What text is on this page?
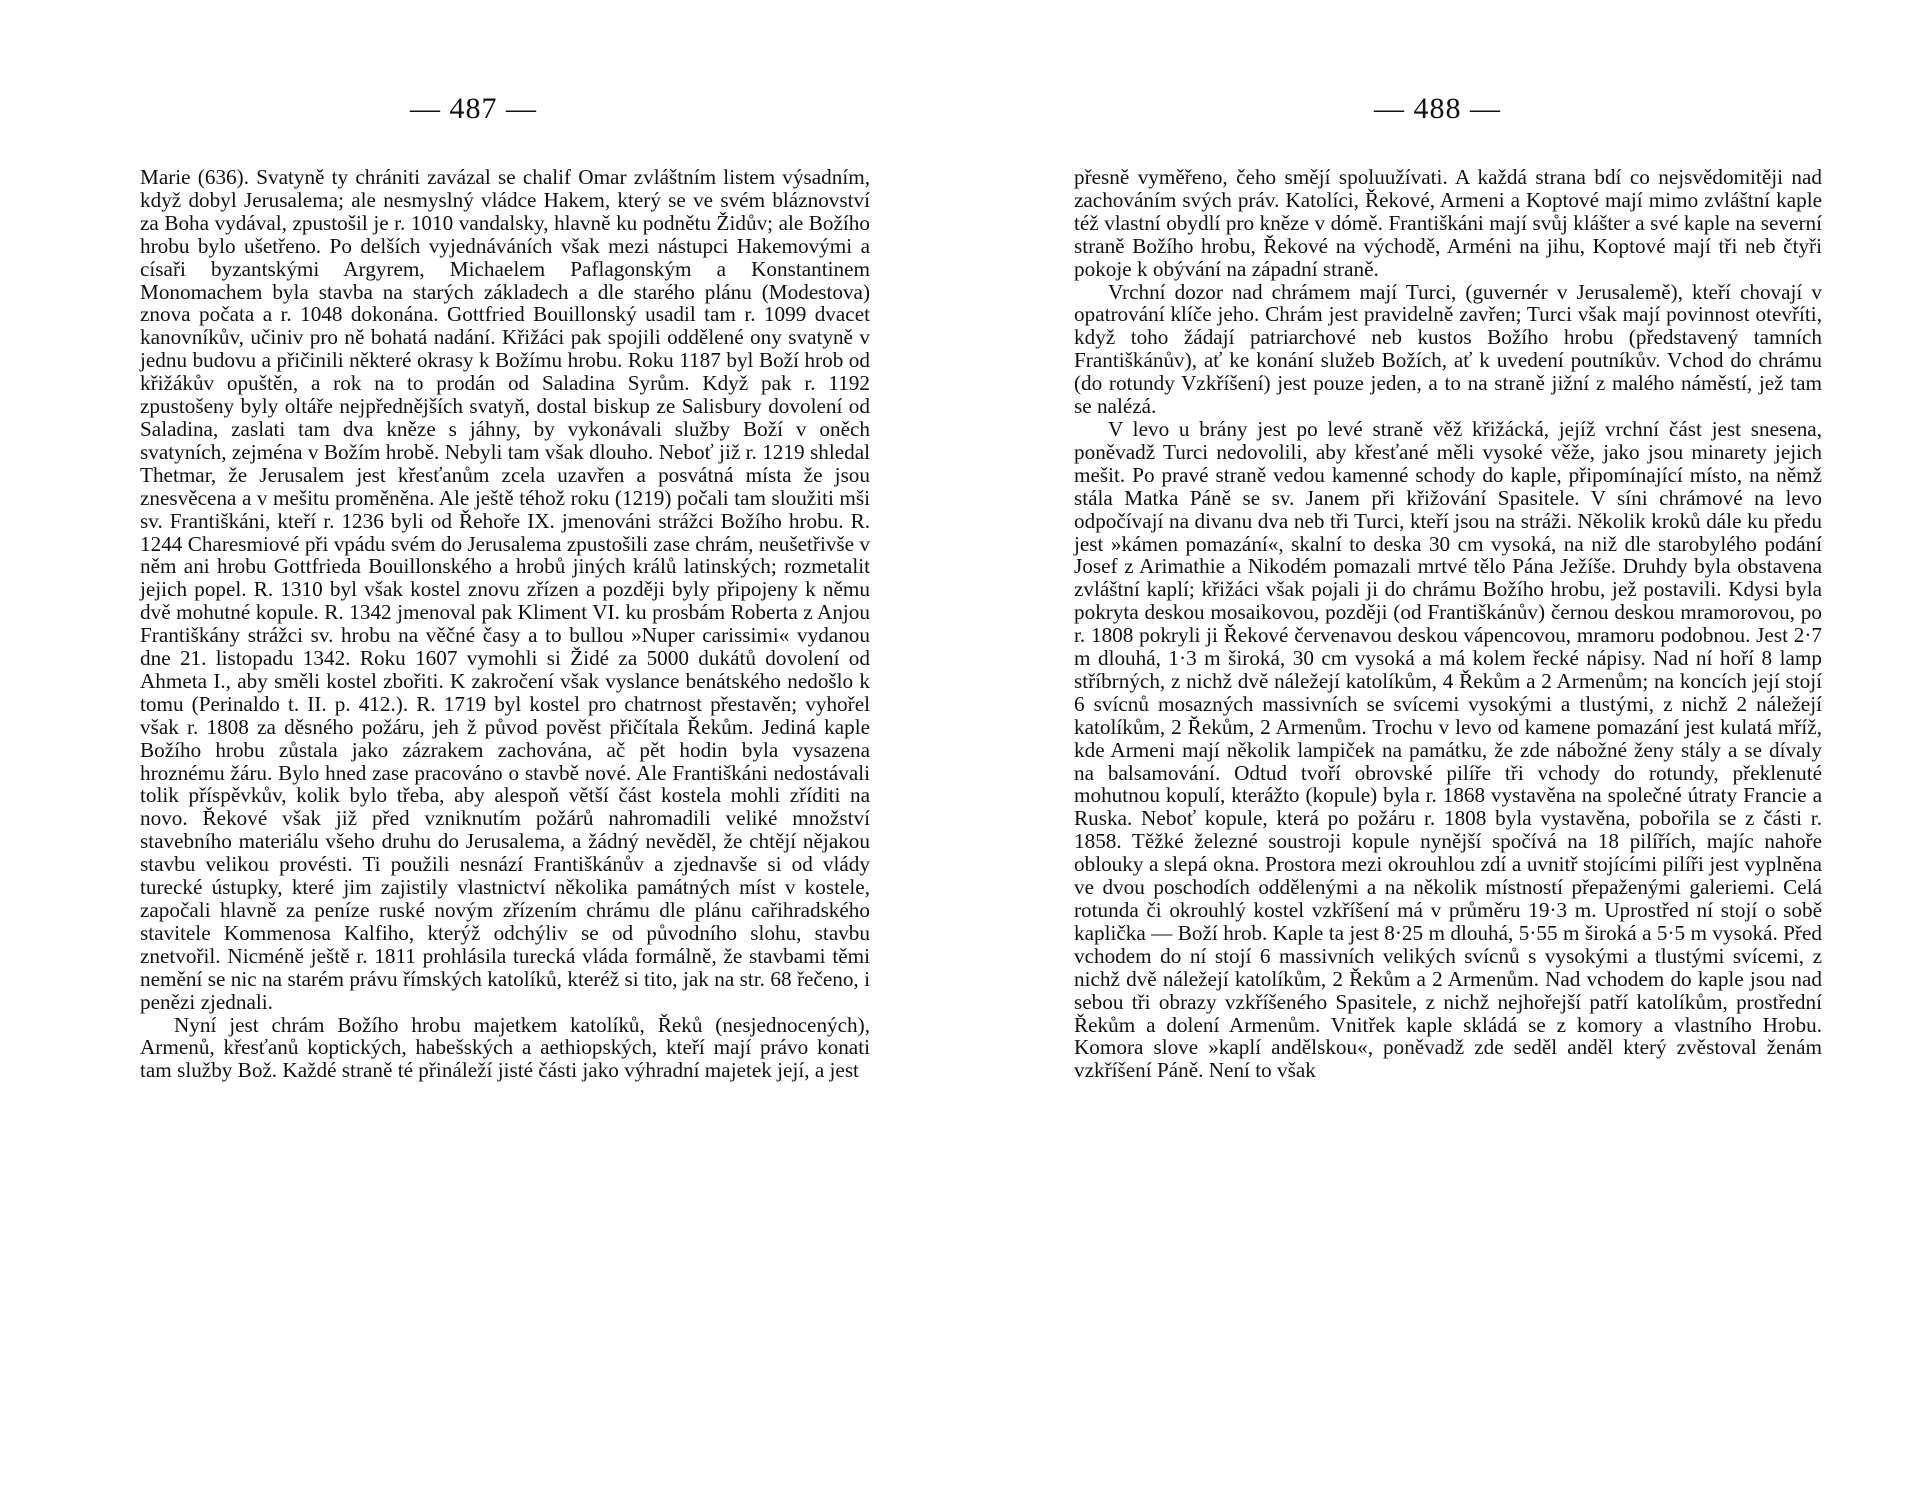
— 487 —

Marie (636). Svatyně ty chrániti zavázal se chalif Omar zvláštním listem výsadním, když dobyl Jerusalema; ale nesmyslný vládce Hakem, který se ve svém bláznovství za Boha vydával, zpustošil je r. 1010 vandalsky, hlavně ku podnětu Židův; ale Božího hrobu bylo ušetřeno. Po delších vyjednáváních však mezi nástupci Hakemovými a císaři byzantskými Argyrem, Michaelem Paflagonským a Konstantinem Monomachem byla stavba na starých základech a dle starého plánu (Modestova) znova počata a r. 1048 dokonána. Gottfried Bouillonský usadil tam r. 1099 dvacet kanovníkův, učiniv pro ně bohatá nadání. Křižáci pak spojili oddělené ony svatyně v jednu budovu a přičinili některé okrasy k Božímu hrobu. Roku 1187 byl Boží hrob od křižákův opuštěn, a rok na to prodán od Saladina Syrům. Když pak r. 1192 zpustošeny byly oltáře nejpřednějších svatyň, dostal biskup ze Salisbury dovolení od Saladina, zaslati tam dva kněze s jáhny, by vykonávali služby Boží v oněch svatyních, zejména v Božím hrobě. Nebyli tam však dlouho. Neboť již r. 1219 shledal Thetmar, že Jerusalem jest křesťanům zcela uzavřen a posvátná místa že jsou znesvěcena a v mešitu proměněna. Ale ještě téhož roku (1219) počali tam sloužiti mši sv. Františkáni, kteří r. 1236 byli od Řehoře IX. jmenováni strážci Božího hrobu. R. 1244 Charesmiové při vpádu svém do Jerusalema zpustošili zase chrám, neušetřivše v něm ani hrobu Gottfrieda Bouillonského a hrobů jiných králů latinských; rozmetalit jejich popel. R. 1310 byl však kostel znovu zřízen a později byly připojeny k němu dvě mohutné kopule. R. 1342 jmenoval pak Kliment VI. ku prosbám Roberta z Anjou Františkány strážci sv. hrobu na věčné časy a to bullou »Nuper carissimi« vydanou dne 21. listopadu 1342. Roku 1607 vymohli si Židé za 5000 dukátů dovolení od Ahmeta I., aby směli kostel zbořiti. K zakročení však vyslance benátského nedošlo k tomu (Perinaldo t. II. p. 412.). R. 1719 byl kostel pro chatrnost přestavěn; vyhořel však r. 1808 za děsného požáru, jeh ž původ pověst přičítala Řekům. Jediná kaple Božího hrobu zůstala jako zázrakem zachována, ač pět hodin byla vysazena hroznému žáru. Bylo hned zase pracováno o stavbě nové. Ale Františkáni nedostávali tolik příspěvkův, kolik bylo třeba, aby alespoň větší část kostela mohli zříditi na novo. Řekové však již před vzniknutím požárů nahromadili veliké množství stavebního materiálu všeho druhu do Jerusalema, a žádný nevěděl, že chtějí nějakou stavbu velikou provésti. Ti použili nesnází Františkánův a zjednavše si od vlády turecké ústupky, které jim zajistily vlastnictví několika památných míst v kostele, započali hlavně za peníze ruské novým zřízením chrámu dle plánu cařihradského stavitele Kommenosa Kalfiho, kterýž odchýliv se od původního slohu, stavbu znetvořil. Nicméně ještě r. 1811 prohlásila turecká vláda formálně, že stavbami těmi nemění se nic na starém právu římských katolíků, kteréž si tito, jak na str. 68 řečeno, i penězi zjednali.

Nyní jest chrám Božího hrobu majetkem katolíků, Řeků (nesjednocených), Armenů, křesťanů koptických, habešských a aethiopských, kteří mají právo konati tam služby Bož. Každé straně té přináleží jisté části jako výhradní majetek její, a jest

— 488 —

přesně vyměřeno, čeho smějí spoluužívati. A každá strana bdí co nejsvědomitěji nad zachováním svých práv. Katolíci, Řekové, Armeni a Koptové mají mimo zvláštní kaple též vlastní obydlí pro kněze v dómě. Františkáni mají svůj klášter a své kaple na severní straně Božího hrobu, Řekové na východě, Arméni na jihu, Koptové mají tři neb čtyři pokoje k obývání na západní straně.

Vrchní dozor nad chrámem mají Turci, (guvernér v Jerusalemě), kteří chovají v opatrování klíče jeho. Chrám jest pravidelně zavřen; Turci však mají povinnost otevříti, když toho žádají patriarchové neb kustos Božího hrobu (představený tamních Františkánův), ať ke konání služeb Božích, ať k uvedení poutníkův. Vchod do chrámu (do rotundy Vzkříšení) jest pouze jeden, a to na straně jižní z malého náměstí, jež tam se nalézá.

V levo u brány jest po levé straně věž křižácká, jejíž vrchní část jest snesena, poněvadž Turci nedovolili, aby křesťané měli vysoké věže, jako jsou minarety jejich mešit. Po pravé straně vedou kamenné schody do kaple, připomínající místo, na němž stála Matka Páně se sv. Janem při křižování Spasitele. V síni chrámové na levo odpočívají na divanu dva neb tři Turci, kteří jsou na stráži. Několik kroků dále ku předu jest »kámen pomazání«, skalní to deska 30 cm vysoká, na niž dle starobylého podání Josef z Arimathie a Nikodém pomazali mrtvé tělo Pána Ježíše. Druhdy byla obstavena zvláštní kaplí; křižáci však pojali ji do chrámu Božího hrobu, jež postavili. Kdysi byla pokryta deskou mosaikovou, později (od Františkánův) černou deskou mramorovou, po r. 1808 pokryli ji Řekové červenavou deskou vápencovou, mramoru podobnou. Jest 2·7 m dlouhá, 1·3 m široká, 30 cm vysoká a má kolem řecké nápisy. Nad ní hoří 8 lamp stříbrných, z nichž dvě náležejí katolíkům, 4 Řekům a 2 Armenům; na koncích její stojí 6 svícnů mosazných massivních se svícemi vysokými a tlustými, z nichž 2 náležejí katolíkům, 2 Řekům, 2 Armenům. Trochu v levo od kamene pomazání jest kulatá mříž, kde Armeni mají několik lampiček na památku, že zde nábožné ženy stály a se dívaly na balsamování. Odtud tvoří obrovské pilíře tři vchody do rotundy, překlenuté mohutnou kopulí, kterážto (kopule) byla r. 1868 vystavěna na společné útraty Francie a Ruska. Neboť kopule, která po požáru r. 1808 byla vystavěna, pobořila se z části r. 1858. Těžké železné soustroji kopule nynější spočívá na 18 pilířích, majíc nahoře oblouky a slepá okna. Prostora mezi okrouhlou zdí a uvnitř stojícími pilíři jest vyplněna ve dvou poschodích oddělenými a na několik místností přepaženými galeriemi. Celá rotunda či okrouhlý kostel vzkříšení má v průměru 19·3 m. Uprostřed ní stojí o sobě kaplička — Boží hrob. Kaple ta jest 8·25 m dlouhá, 5·55 m široká a 5·5 m vysoká. Před vchodem do ní stojí 6 massivních velikých svícnů s vysokými a tlustými svícemi, z nichž dvě náležejí katolíkům, 2 Řekům a 2 Armenům. Nad vchodem do kaple jsou nad sebou tři obrazy vzkříšeného Spasitele, z nichž nejhořejší patří katolíkům, prostřední Řekům a dolení Armenům. Vnitřek kaple skládá se z komory a vlastního Hrobu. Komora slove »kaplí andělskou«, poněvadž zde seděl anděl který zvěstoval ženám vzkříšení Páně. Není to však
